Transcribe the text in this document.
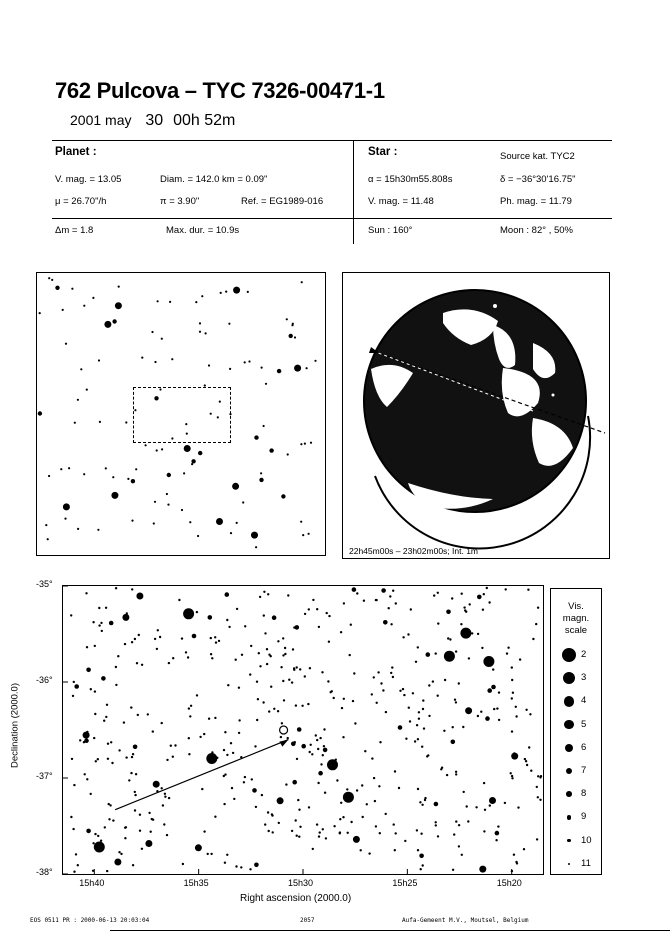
762 Pulcova – TYC 7326-00471-1
2001 may 30 00h 52m
Planet :
V. mag. = 13.05	Diam. = 142.0 km = 0.09"
μ = 26.70"/h	π = 3.90"	Ref. = EG1989-016
Δm = 1.8	Max. dur. = 10.9s
Star :	Source kat. TYC2
α = 15h30m55.808s	δ = −36°30'16.75"
V. mag. = 11.48	Ph. mag. = 11.79
Sun : 160°	Moon : 82° , 50%
22h45m00s – 23h02m00s; Int. 1m
-35°
-36°
-37°
-38°
15h40	15h35	15h30	15h25	15h20
Declination (2000.0)
Right ascension (2000.0)
Vis.
magn.
scale
2
3
4
5
6
7
8
9
10
11
EOS 0511 PR : 2000-06-13 20:03:04	2057	Aufa-Gemeent M.V., Moutsel, Belgium
